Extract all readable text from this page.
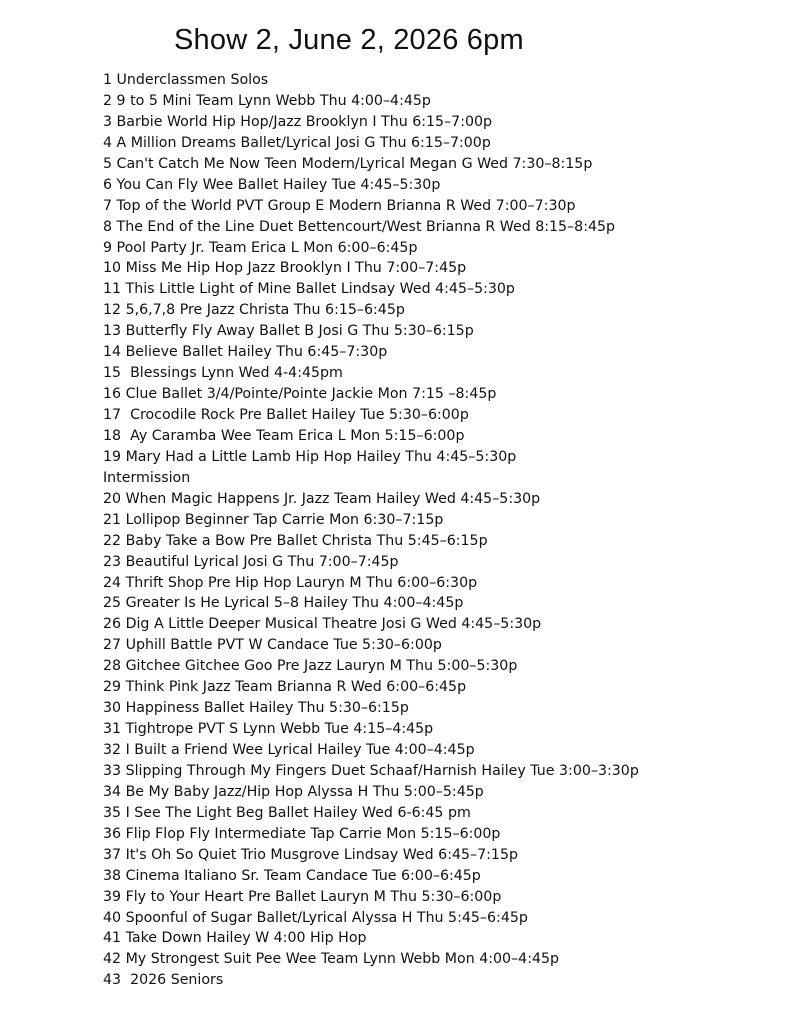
Show 2, June 2, 2026 6pm
1 Underclassmen Solos
2 9 to 5 Mini Team Lynn Webb Thu 4:00–4:45p
3 Barbie World Hip Hop/Jazz Brooklyn I Thu 6:15–7:00p
4 A Million Dreams Ballet/Lyrical Josi G Thu 6:15–7:00p
5 Can't Catch Me Now Teen Modern/Lyrical Megan G Wed 7:30–8:15p
6 You Can Fly Wee Ballet Hailey Tue 4:45–5:30p
7 Top of the World PVT Group E Modern Brianna R Wed 7:00–7:30p
8 The End of the Line Duet Bettencourt/West Brianna R Wed 8:15–8:45p
9 Pool Party Jr. Team Erica L Mon 6:00–6:45p
10 Miss Me Hip Hop Jazz Brooklyn I Thu 7:00–7:45p
11 This Little Light of Mine Ballet Lindsay Wed 4:45–5:30p
12 5,6,7,8 Pre Jazz Christa Thu 6:15–6:45p
13 Butterfly Fly Away Ballet B Josi G Thu 5:30–6:15p
14 Believe Ballet Hailey Thu 6:45–7:30p
15  Blessings Lynn Wed 4-4:45pm
16 Clue Ballet 3/4/Pointe/Pointe Jackie Mon 7:15 –8:45p
17  Crocodile Rock Pre Ballet Hailey Tue 5:30–6:00p
18  Ay Caramba Wee Team Erica L Mon 5:15–6:00p
19 Mary Had a Little Lamb Hip Hop Hailey Thu 4:45–5:30p
Intermission
20 When Magic Happens Jr. Jazz Team Hailey Wed 4:45–5:30p
21 Lollipop Beginner Tap Carrie Mon 6:30–7:15p
22 Baby Take a Bow Pre Ballet Christa Thu 5:45–6:15p
23 Beautiful Lyrical Josi G Thu 7:00–7:45p
24 Thrift Shop Pre Hip Hop Lauryn M Thu 6:00–6:30p
25 Greater Is He Lyrical 5–8 Hailey Thu 4:00–4:45p
26 Dig A Little Deeper Musical Theatre Josi G Wed 4:45–5:30p
27 Uphill Battle PVT W Candace Tue 5:30–6:00p
28 Gitchee Gitchee Goo Pre Jazz Lauryn M Thu 5:00–5:30p
29 Think Pink Jazz Team Brianna R Wed 6:00–6:45p
30 Happiness Ballet Hailey Thu 5:30–6:15p
31 Tightrope PVT S Lynn Webb Tue 4:15–4:45p
32 I Built a Friend Wee Lyrical Hailey Tue 4:00–4:45p
33 Slipping Through My Fingers Duet Schaaf/Harnish Hailey Tue 3:00–3:30p
34 Be My Baby Jazz/Hip Hop Alyssa H Thu 5:00–5:45p
35 I See The Light Beg Ballet Hailey Wed 6-6:45 pm
36 Flip Flop Fly Intermediate Tap Carrie Mon 5:15–6:00p
37 It's Oh So Quiet Trio Musgrove Lindsay Wed 6:45–7:15p
38 Cinema Italiano Sr. Team Candace Tue 6:00–6:45p
39 Fly to Your Heart Pre Ballet Lauryn M Thu 5:30–6:00p
40 Spoonful of Sugar Ballet/Lyrical Alyssa H Thu 5:45–6:45p
41 Take Down Hailey W 4:00 Hip Hop
42 My Strongest Suit Pee Wee Team Lynn Webb Mon 4:00–4:45p
43  2026 Seniors
